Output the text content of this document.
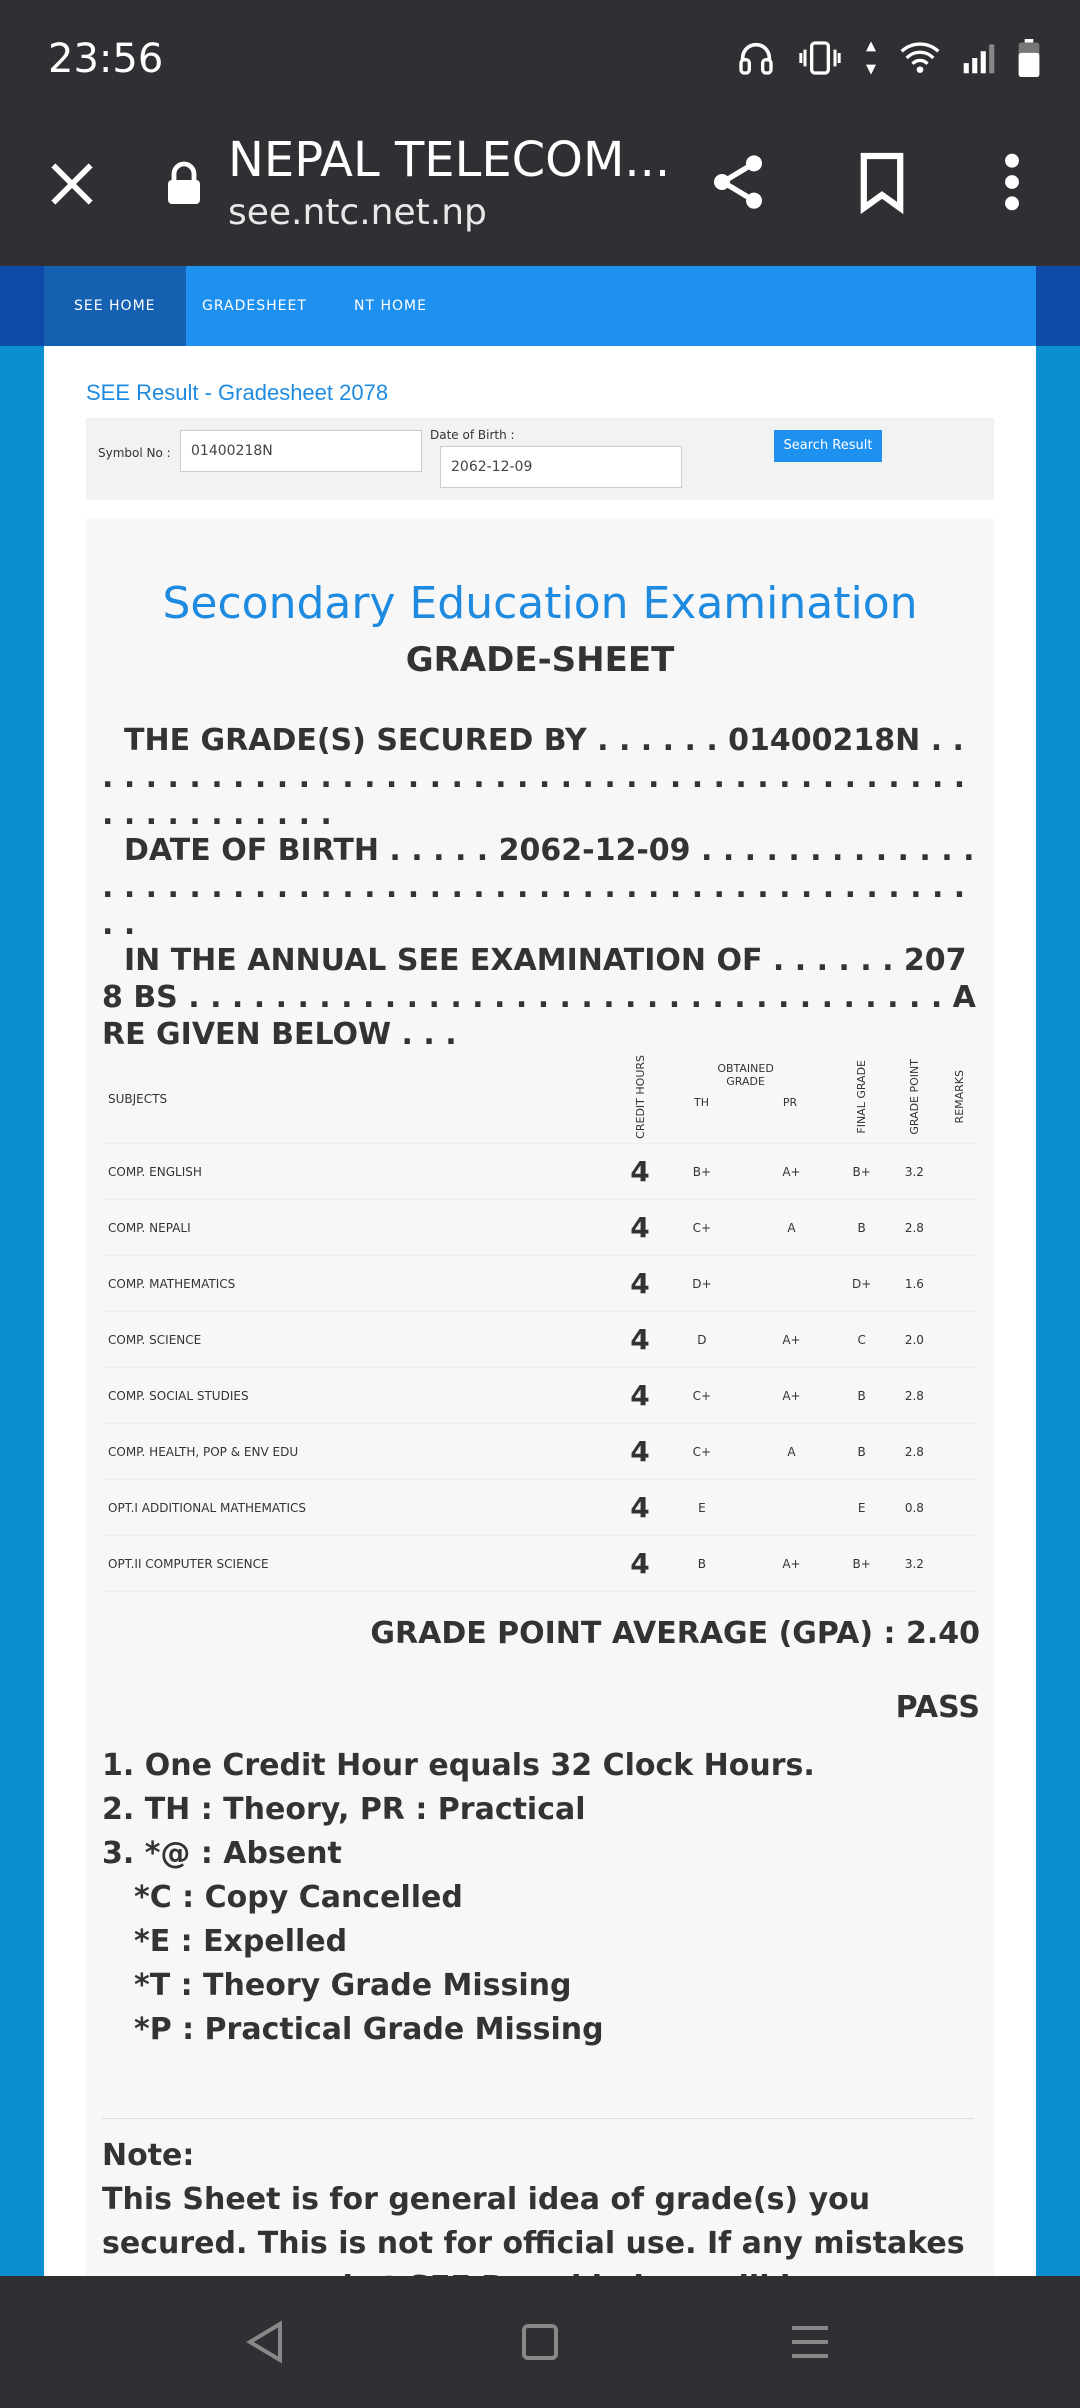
23:56
NEPAL TELECOM...
see.ntc.net.np
SEE HOME	GRADESHEET	NT HOME
SEE Result - Gradesheet 2078
Symbol No :	01400218N
Date of Birth :
2062-12-09
Search Result
Secondary Education Examination
GRADE-SHEET
THE GRADE(S) SECURED BY . . . . . . 01400218N . . . . . . . . . . . . . . . . . . . . . . . . . . . . . . . . . . . . . . . . . . . . . . . . . . . . .
DATE OF BIRTH . . . . . 2062-12-09 . . . . . . . . . . . . . . . . . . . . . . . . . . . . . . . . . . . . . . . . . . . . . . . . . . . . . . .
IN THE ANNUAL SEE EXAMINATION OF . . . . . . 2078 BS . . . . . . . . . . . . . . . . . . . . . . . . . . . . . . . . . . . ARE GIVEN BELOW . . .
SUBJECTS	CREDIT HOURS	OBTAINED GRADE
TH PR		FINAL GRADE	GRADE POINT	REMARKS
COMP. ENGLISH	4	B+	A+	B+	3.2	
COMP. NEPALI	4	C+	A	B	2.8	
COMP. MATHEMATICS	4	D+		D+	1.6	
COMP. SCIENCE	4	D	A+	C	2.0	
COMP. SOCIAL STUDIES	4	C+	A+	B	2.8	
COMP. HEALTH, POP & ENV EDU	4	C+	A	B	2.8	
OPT.I ADDITIONAL MATHEMATICS	4	E		E	0.8	
OPT.II COMPUTER SCIENCE	4	B	A+	B+	3.2	
GRADE POINT AVERAGE (GPA) : 2.40
PASS
1. One Credit Hour equals 32 Clock Hours.
2. TH : Theory, PR : Practical
3. *@ : Absent
*C : Copy Cancelled
*E : Expelled
*T : Theory Grade Missing
*P : Practical Grade Missing
Note:
This Sheet is for general idea of grade(s) you secured. This is not for official use. If any mistakes
